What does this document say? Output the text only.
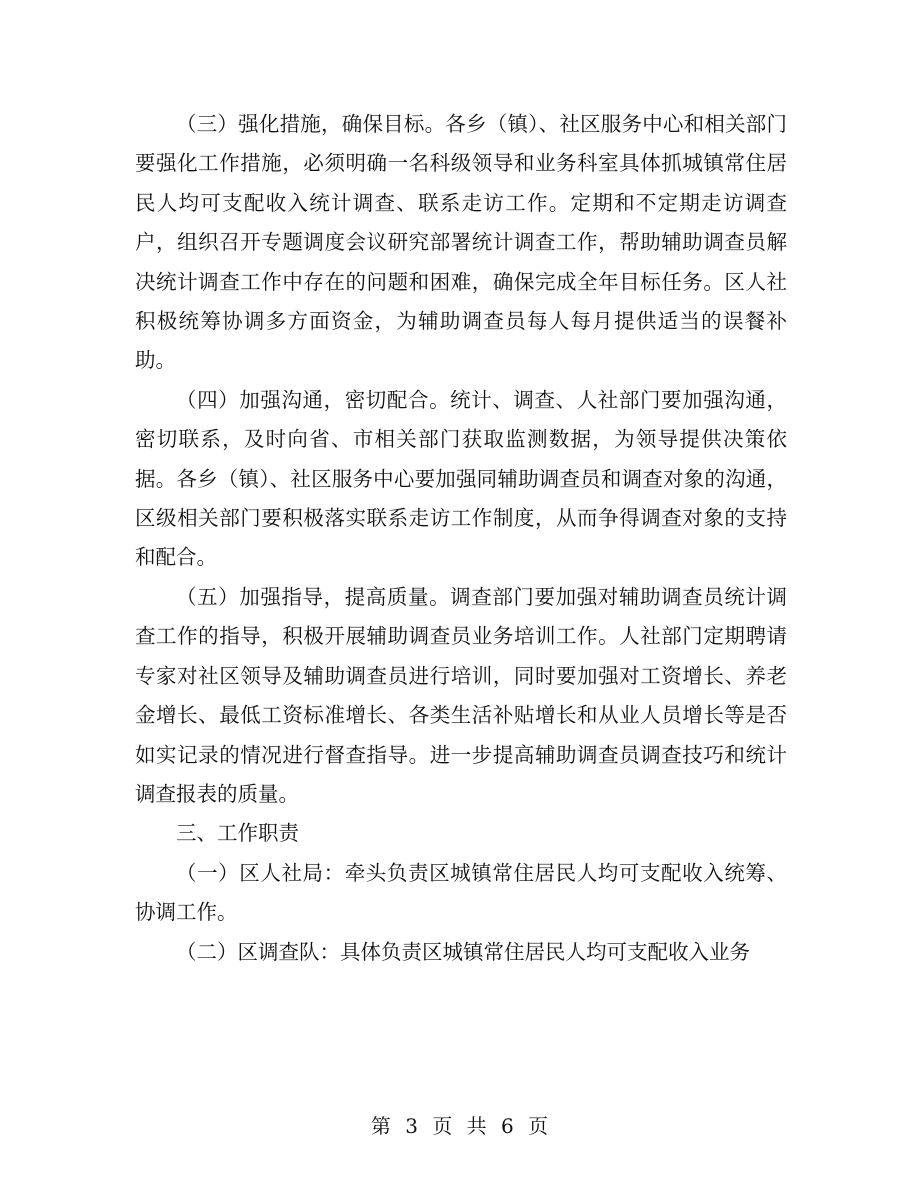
（三）强化措施，确保目标。各乡（镇）、社区服务中心和相关部门要强化工作措施，必须明确一名科级领导和业务科室具体抓城镇常住居民人均可支配收入统计调查、联系走访工作。定期和不定期走访调查户，组织召开专题调度会议研究部署统计调查工作，帮助辅助调查员解决统计调查工作中存在的问题和困难，确保完成全年目标任务。区人社积极统筹协调多方面资金，为辅助调查员每人每月提供适当的误餐补助。

（四）加强沟通，密切配合。统计、调查、人社部门要加强沟通，密切联系，及时向省、市相关部门获取监测数据，为领导提供决策依据。各乡（镇）、社区服务中心要加强同辅助调查员和调查对象的沟通，区级相关部门要积极落实联系走访工作制度，从而争得调查对象的支持和配合。

（五）加强指导，提高质量。调查部门要加强对辅助调查员统计调查工作的指导，积极开展辅助调查员业务培训工作。人社部门定期聘请专家对社区领导及辅助调查员进行培训，同时要加强对工资增长、养老金增长、最低工资标准增长、各类生活补贴增长和从业人员增长等是否如实记录的情况进行督查指导。进一步提高辅助调查员调查技巧和统计调查报表的质量。

三、工作职责

（一）区人社局：牵头负责区城镇常住居民人均可支配收入统筹、协调工作。

（二）区调查队：具体负责区城镇常住居民人均可支配收入业务

第 3 页 共 6 页
